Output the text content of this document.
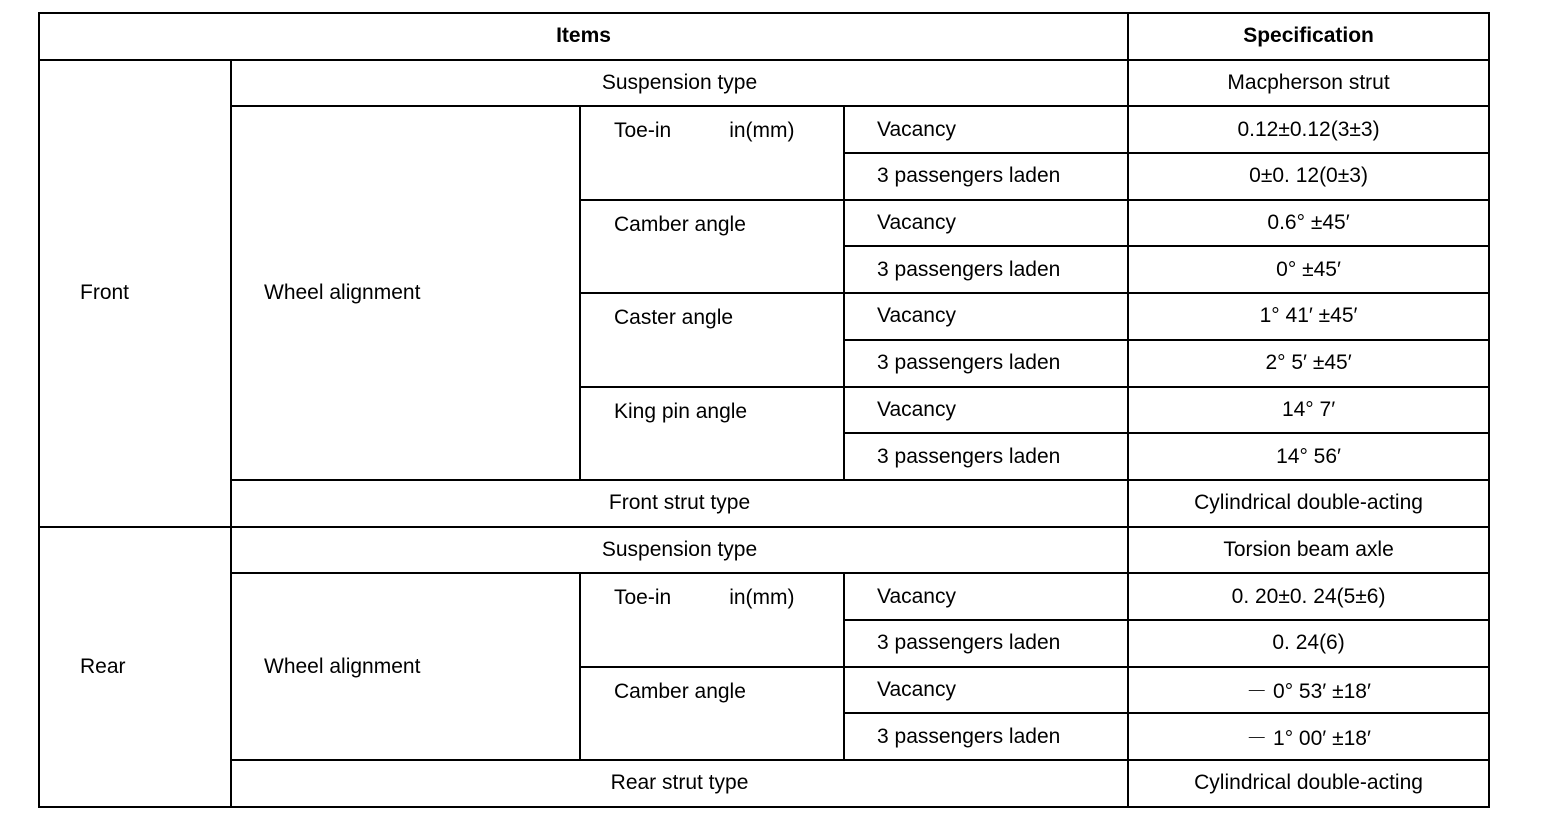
Items				Specification
Front	Suspension type			Macpherson strut
	Wheel alignment	Toe-in in(mm)	Vacancy	0.12±0.12(3±3)
			3 passengers laden	0±0. 12(0±3)
		Camber angle	Vacancy	0.6° ±45′
			3 passengers laden	0° ±45′
		Caster angle	Vacancy	1° 41′ ±45′
			3 passengers laden	2° 5′ ±45′
		King pin angle	Vacancy	14° 7′
			3 passengers laden	14° 56′
	Front strut type			Cylindrical double-acting
Rear	Suspension type			Torsion beam axle
	Wheel alignment	Toe-in in(mm)	Vacancy	0. 20±0. 24(5±6)
			3 passengers laden	0. 24(6)
		Camber angle	Vacancy	－ 0° 53′ ±18′
			3 passengers laden	－ 1° 00′ ±18′
	Rear strut type			Cylindrical double-acting
